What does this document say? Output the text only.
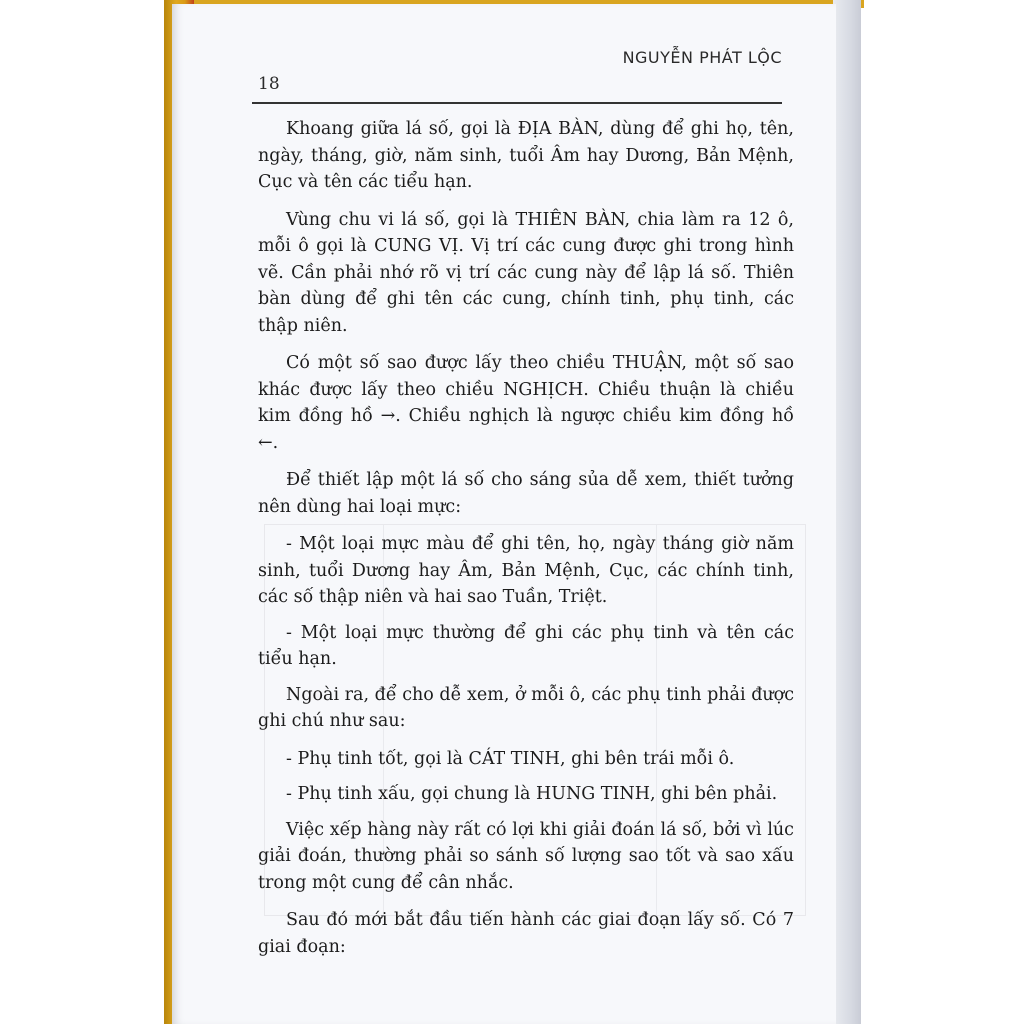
NGUYỄN PHÁT LỘC
18

Khoang giữa lá số, gọi là ĐỊA BÀN, dùng để ghi họ, tên, ngày, tháng, giờ, năm sinh, tuổi Âm hay Dương, Bản Mệnh, Cục và tên các tiểu hạn.

Vùng chu vi lá số, gọi là THIÊN BÀN, chia làm ra 12 ô, mỗi ô gọi là CUNG VỊ. Vị trí các cung được ghi trong hình vẽ. Cần phải nhớ rõ vị trí các cung này để lập lá số. Thiên bàn dùng để ghi tên các cung, chính tinh, phụ tinh, các thập niên.

Có một số sao được lấy theo chiều THUẬN, một số sao khác được lấy theo chiều NGHỊCH. Chiều thuận là chiều kim đồng hồ →. Chiều nghịch là ngược chiều kim đồng hồ ←.

Để thiết lập một lá số cho sáng sủa dễ xem, thiết tưởng nên dùng hai loại mực:

- Một loại mực màu để ghi tên, họ, ngày tháng giờ năm sinh, tuổi Dương hay Âm, Bản Mệnh, Cục, các chính tinh, các số thập niên và hai sao Tuần, Triệt.

- Một loại mực thường để ghi các phụ tinh và tên các tiểu hạn.

Ngoài ra, để cho dễ xem, ở mỗi ô, các phụ tinh phải được ghi chú như sau:

- Phụ tinh tốt, gọi là CÁT TINH, ghi bên trái mỗi ô.

- Phụ tinh xấu, gọi chung là HUNG TINH, ghi bên phải.

Việc xếp hàng này rất có lợi khi giải đoán lá số, bởi vì lúc giải đoán, thường phải so sánh số lượng sao tốt và sao xấu trong một cung để cân nhắc.

Sau đó mới bắt đầu tiến hành các giai đoạn lấy số. Có 7 giai đoạn:
